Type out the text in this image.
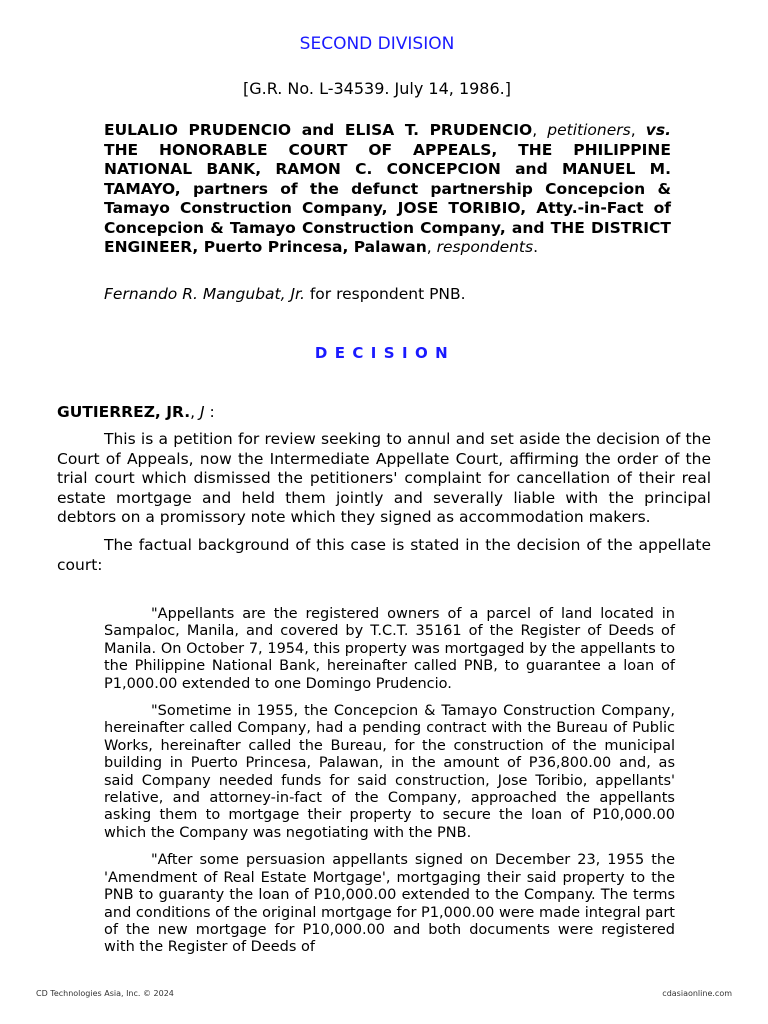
SECOND DIVISION
[G.R. No. L-34539. July 14, 1986.]
EULALIO PRUDENCIO and ELISA T. PRUDENCIO, petitioners, vs. THE HONORABLE COURT OF APPEALS, THE PHILIPPINE NATIONAL BANK, RAMON C. CONCEPCION and MANUEL M. TAMAYO, partners of the defunct partnership Concepcion & Tamayo Construction Company, JOSE TORIBIO, Atty.-in-Fact of Concepcion & Tamayo Construction Company, and THE DISTRICT ENGINEER, Puerto Princesa, Palawan, respondents.
Fernando R. Mangubat, Jr. for respondent PNB.
DECISION
GUTIERREZ, JR., J :

This is a petition for review seeking to annul and set aside the decision of the Court of Appeals, now the Intermediate Appellate Court, affirming the order of the trial court which dismissed the petitioners' complaint for cancellation of their real estate mortgage and held them jointly and severally liable with the principal debtors on a promissory note which they signed as accommodation makers.

The factual background of this case is stated in the decision of the appellate court:

"Appellants are the registered owners of a parcel of land located in Sampaloc, Manila, and covered by T.C.T. 35161 of the Register of Deeds of Manila. On October 7, 1954, this property was mortgaged by the appellants to the Philippine National Bank, hereinafter called PNB, to guarantee a loan of P1,000.00 extended to one Domingo Prudencio.

"Sometime in 1955, the Concepcion & Tamayo Construction Company, hereinafter called Company, had a pending contract with the Bureau of Public Works, hereinafter called the Bureau, for the construction of the municipal building in Puerto Princesa, Palawan, in the amount of P36,800.00 and, as said Company needed funds for said construction, Jose Toribio, appellants' relative, and attorney-in-fact of the Company, approached the appellants asking them to mortgage their property to secure the loan of P10,000.00 which the Company was negotiating with the PNB.

"After some persuasion appellants signed on December 23, 1955 the 'Amendment of Real Estate Mortgage', mortgaging their said property to the PNB to guaranty the loan of P10,000.00 extended to the Company. The terms and conditions of the original mortgage for P1,000.00 were made integral part of the new mortgage for P10,000.00 and both documents were registered with the Register of Deeds of

CD Technologies Asia, Inc. © 2024	cdasiaonline.com
